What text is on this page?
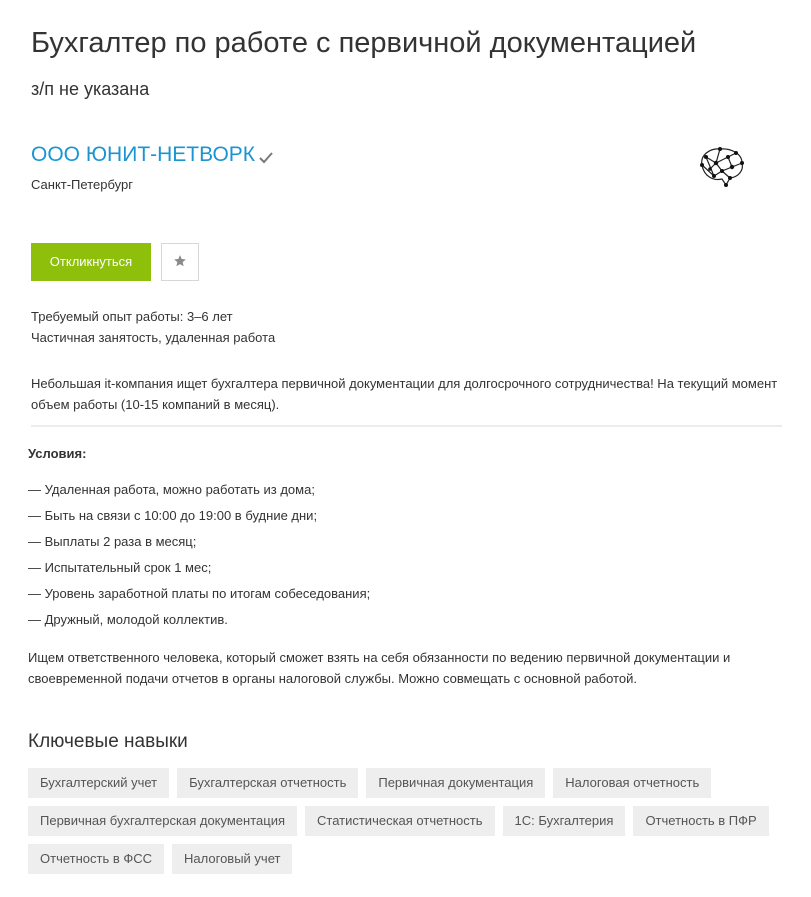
Бухгалтер по работе с первичной документацией
з/п не указана
ООО ЮНИТ-НЕТВОРК
Санкт-Петербург
Откликнуться
Требуемый опыт работы: 3–6 лет
Частичная занятость, удаленная работа
Небольшая it-компания ищет бухгалтера первичной документации для долгосрочного сотрудничества! На текущий момент объем работы (10-15 компаний в месяц).
Условия:
— Удаленная работа, можно работать из дома;
— Быть на связи с 10:00 до 19:00 в будние дни;
— Выплаты 2 раза в месяц;
— Испытательный срок 1 мес;
— Уровень заработной платы по итогам собеседования;
— Дружный, молодой коллектив.
Ищем ответственного человека, который сможет взять на себя обязанности по ведению первичной документации и своевременной подачи отчетов в органы налоговой службы. Можно совмещать с основной работой.
Ключевые навыки
Бухгалтерский учет	Бухгалтерская отчетность	Первичная документация	Налоговая отчетность
Первичная бухгалтерская документация	Статистическая отчетность	1С: Бухгалтерия	Отчетность в ПФР
Отчетность в ФСС	Налоговый учет
